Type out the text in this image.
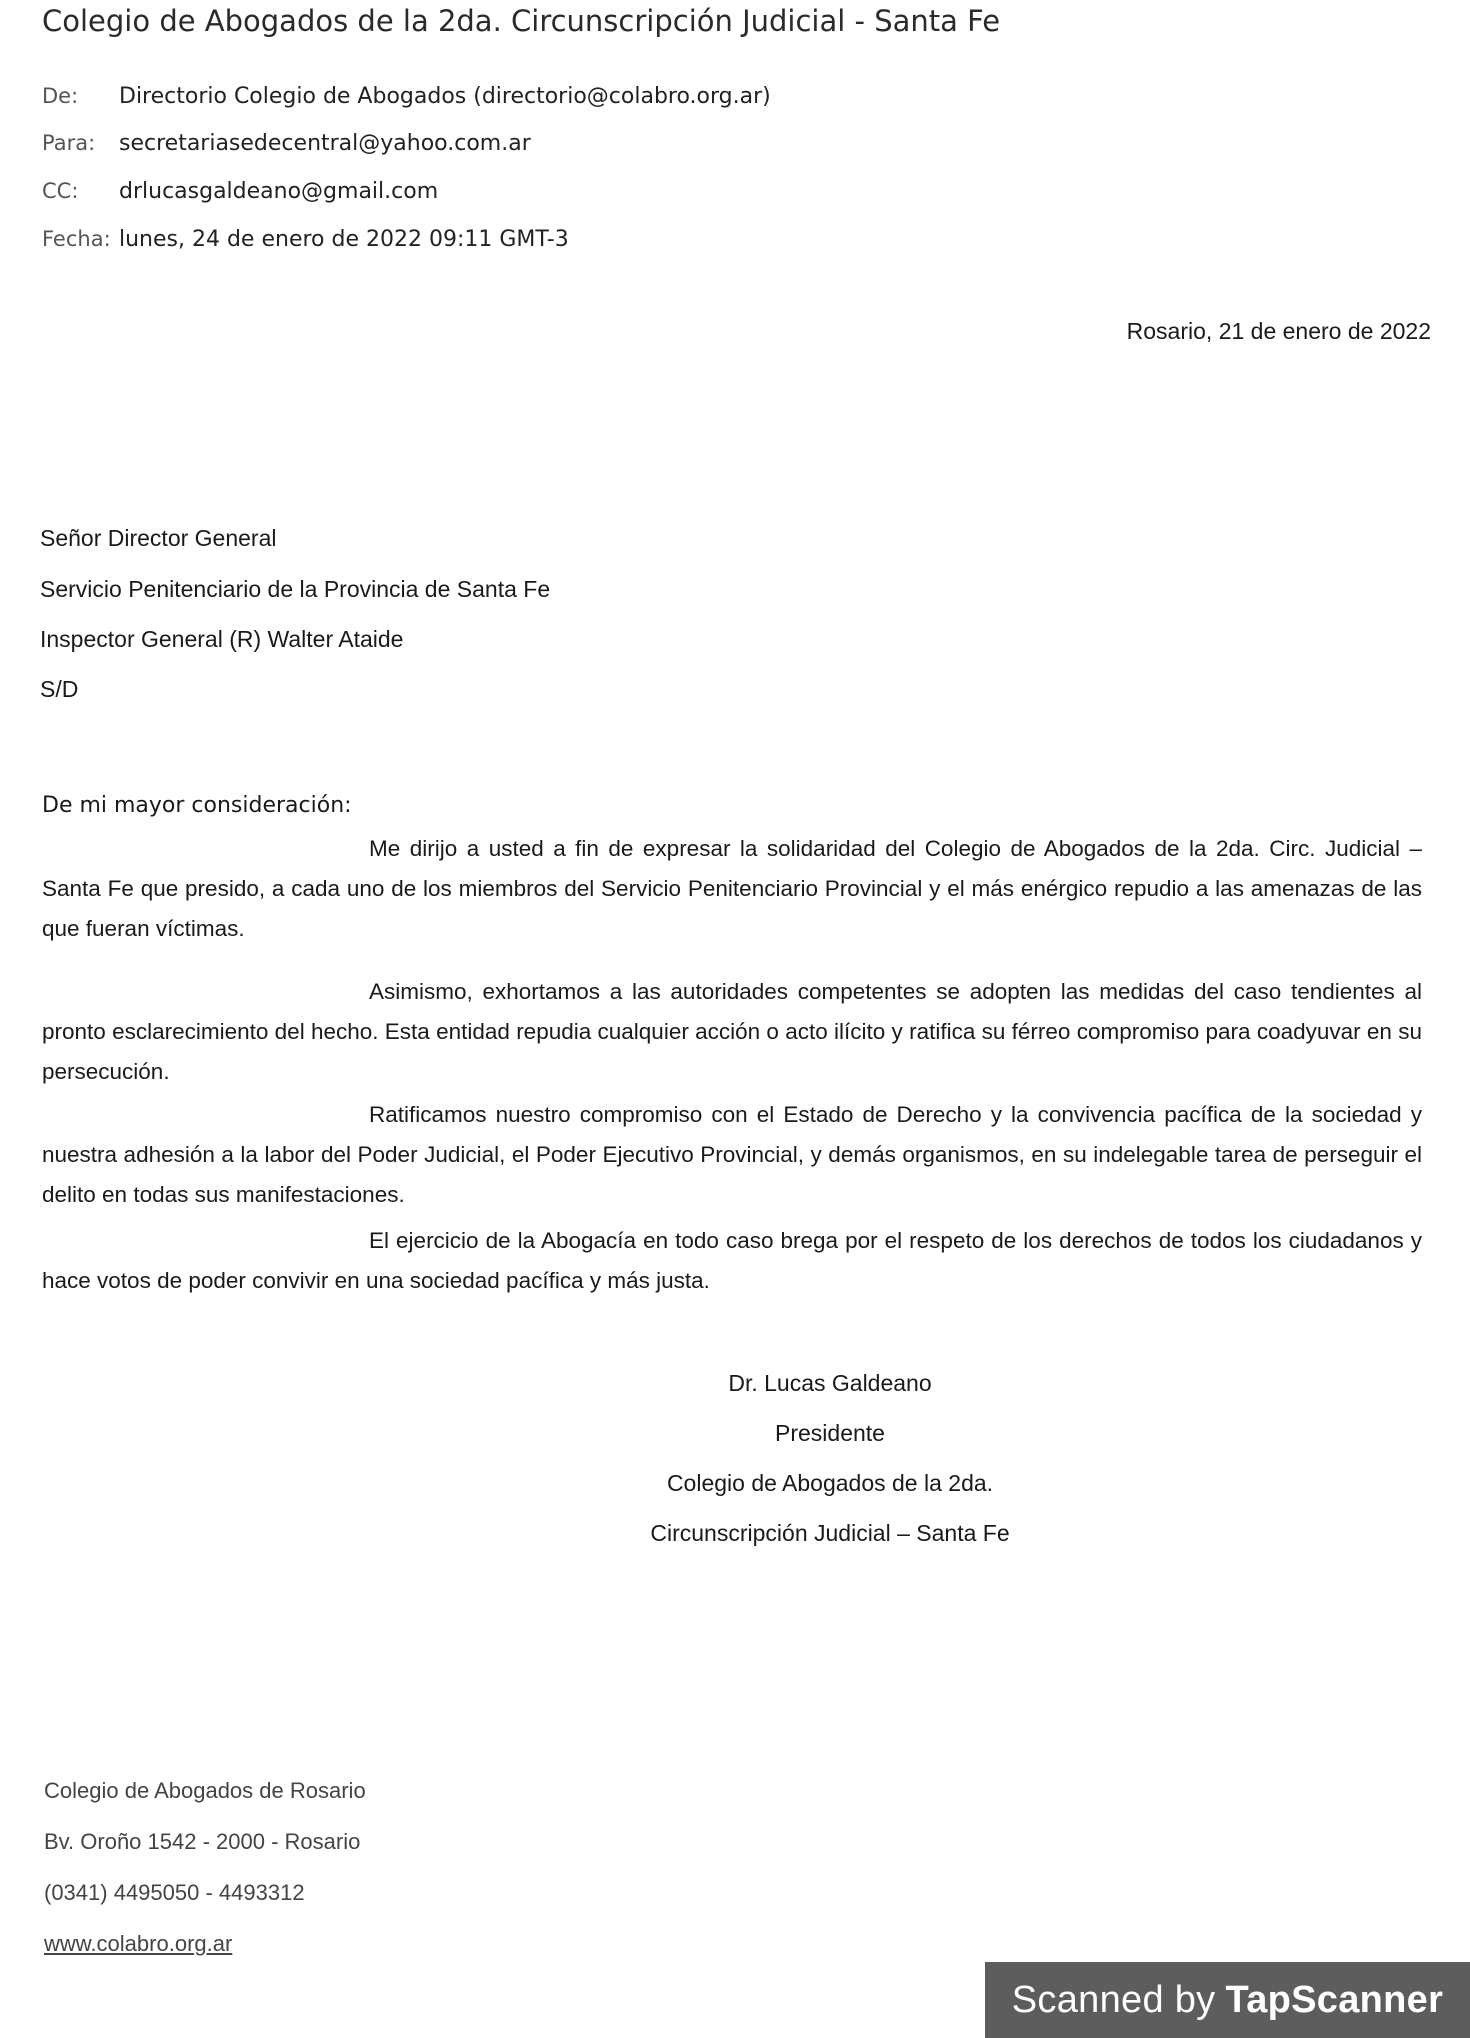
Colegio de Abogados de la 2da. Circunscripción Judicial - Santa Fe
De: Directorio Colegio de Abogados (directorio@colabro.org.ar)
Para: secretariasedecentral@yahoo.com.ar
CC: drlucasgaldeano@gmail.com
Fecha: lunes, 24 de enero de 2022 09:11 GMT-3
Rosario, 21 de enero de 2022
Señor Director General
Servicio Penitenciario de la Provincia de Santa Fe
Inspector General (R) Walter Ataide
S/D
De mi mayor consideración:

Me dirijo a usted a fin de expresar la solidaridad del Colegio de Abogados de la 2da. Circ. Judicial – Santa Fe que presido, a cada uno de los miembros del Servicio Penitenciario Provincial y el más enérgico repudio a las amenazas de las que fueran víctimas.

Asimismo, exhortamos a las autoridades competentes se adopten las medidas del caso tendientes al pronto esclarecimiento del hecho. Esta entidad repudia cualquier acción o acto ilícito y ratifica su férreo compromiso para coadyuvar en su persecución.

Ratificamos nuestro compromiso con el Estado de Derecho y la convivencia pacífica de la sociedad y nuestra adhesión a la labor del Poder Judicial, el Poder Ejecutivo Provincial, y demás organismos, en su indelegable tarea de perseguir el delito en todas sus manifestaciones.

El ejercicio de la Abogacía en todo caso brega por el respeto de los derechos de todos los ciudadanos y hace votos de poder convivir en una sociedad pacífica y más justa.

Dr. Lucas Galdeano
Presidente
Colegio de Abogados de la 2da.
Circunscripción Judicial – Santa Fe
Colegio de Abogados de Rosario
Bv. Oroño 1542 - 2000 - Rosario
(0341) 4495050 - 4493312
www.colabro.org.ar
Scanned by TapScanner
